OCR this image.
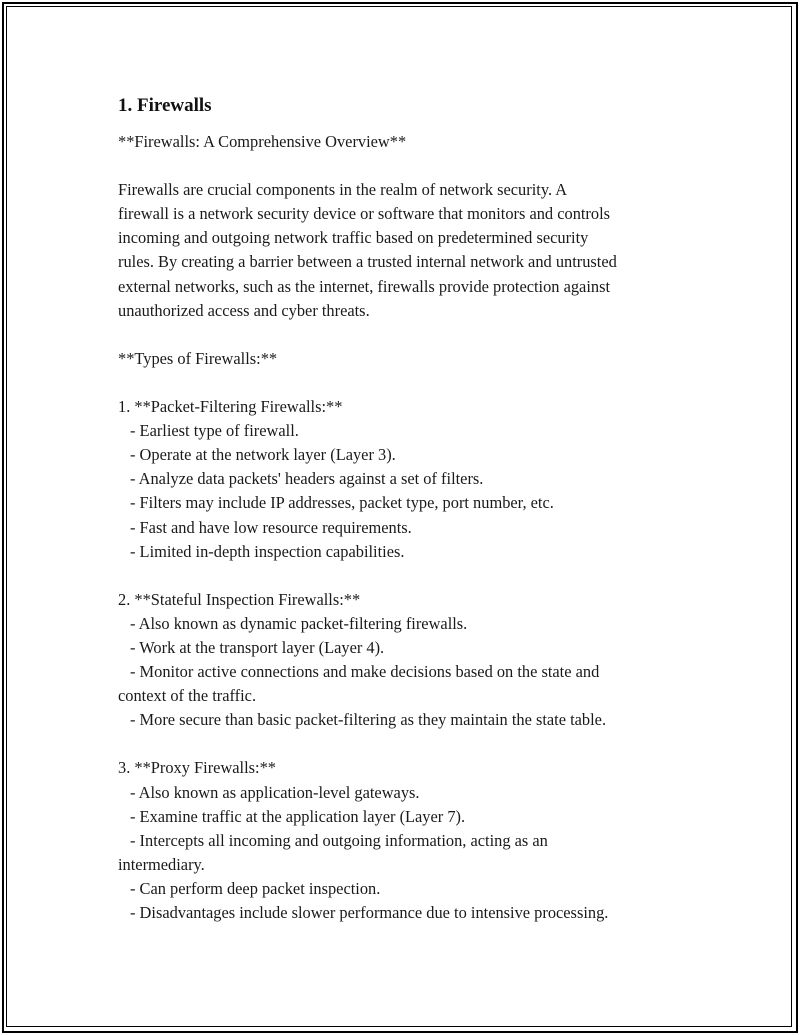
1. Firewalls

**Firewalls: A Comprehensive Overview**

Firewalls are crucial components in the realm of network security. A

firewall is a network security device or software that monitors and controls

incoming and outgoing network traffic based on predetermined security

rules. By creating a barrier between a trusted internal network and untrusted

external networks, such as the internet, firewalls provide protection against

unauthorized access and cyber threats.

**Types of Firewalls:**

1. **Packet-Filtering Firewalls:**

- Earliest type of firewall.

- Operate at the network layer (Layer 3).

- Analyze data packets' headers against a set of filters.

- Filters may include IP addresses, packet type, port number, etc.

- Fast and have low resource requirements.

- Limited in-depth inspection capabilities.

2. **Stateful Inspection Firewalls:**

- Also known as dynamic packet-filtering firewalls.

- Work at the transport layer (Layer 4).

- Monitor active connections and make decisions based on the state and

context of the traffic.

- More secure than basic packet-filtering as they maintain the state table.

3. **Proxy Firewalls:**

- Also known as application-level gateways.

- Examine traffic at the application layer (Layer 7).

- Intercepts all incoming and outgoing information, acting as an

intermediary.

- Can perform deep packet inspection.

- Disadvantages include slower performance due to intensive processing.
